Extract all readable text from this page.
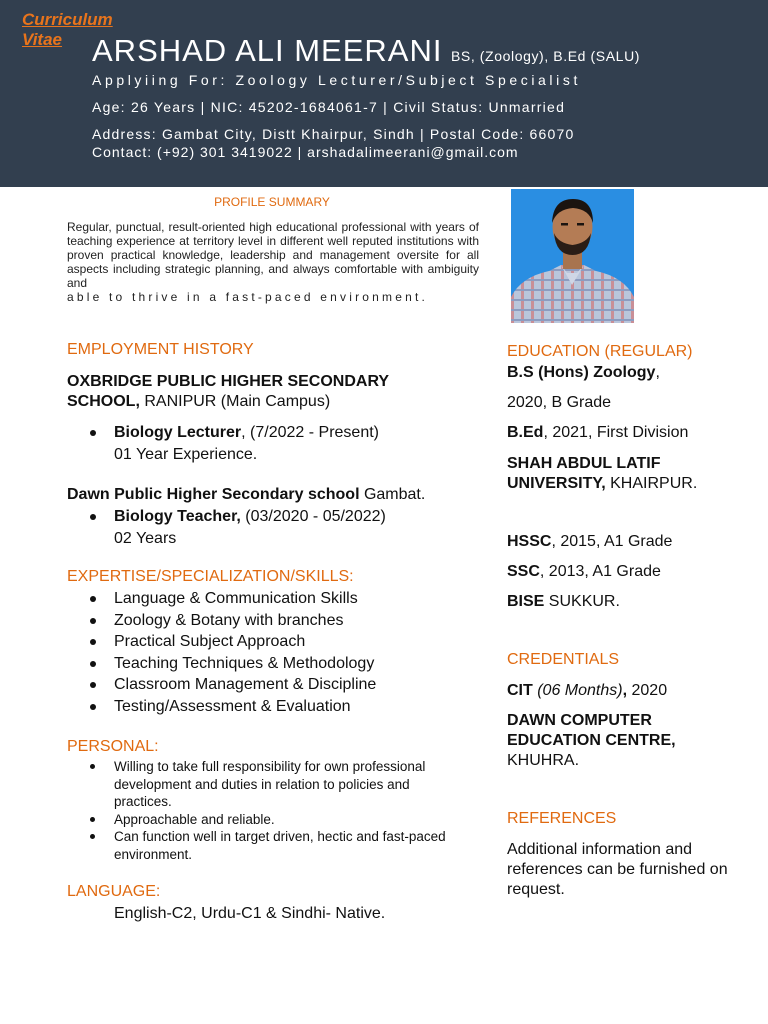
Curriculum Vitae ARSHAD ALI MEERANI BS, (Zoology), B.Ed (SALU)
Applyiing For: Zoology Lecturer/Subject Specialist
Age: 26 Years | NIC: 45202-1684061-7 | Civil Status: Unmarried
Address: Gambat City, Distt Khairpur, Sindh | Postal Code: 66070
Contact: (+92) 301 3419022 | arshadalimeerani@gmail.com
PROFILE SUMMARY

Regular, punctual, result-oriented high educational professional with years of teaching experience at territory level in different well reputed institutions with proven practical knowledge, leadership and management oversite for all aspects including strategic planning, and always comfortable with ambiguity and
able to thrive in a fast-paced environment.

EMPLOYMENT HISTORY

OXBRIDGE PUBLIC HIGHER SECONDARY SCHOOL, RANIPUR (Main Campus)

Biology Lecturer, (7/2022 - Present)
01 Year Experience.

Dawn Public Higher Secondary school Gambat.

Biology Teacher, (03/2020 - 05/2022)
02 Years
EXPERTISE/SPECIALIZATION/SKILLS:
Language & Communication Skills
Zoology & Botany with branches
Practical Subject Approach
Teaching Techniques & Methodology
Classroom Management & Discipline
Testing/Assessment & Evaluation
PERSONAL:
Willing to take full responsibility for own professional development and duties in relation to policies and practices.
Approachable and reliable.
Can function well in target driven, hectic and fast-paced environment.
LANGUAGE:

English-C2, Urdu-C1 & Sindhi- Native.

EDUCATION (REGULAR)

B.S (Hons) Zoology,

2020, B Grade

B.Ed, 2021, First Division

SHAH ABDUL LATIF UNIVERSITY, KHAIRPUR.

HSSC, 2015, A1 Grade

SSC, 2013, A1 Grade

BISE SUKKUR.

CREDENTIALS

CIT (06 Months), 2020

DAWN COMPUTER EDUCATION CENTRE,
KHUHRA.

REFERENCES

Additional information and references can be furnished on request.
